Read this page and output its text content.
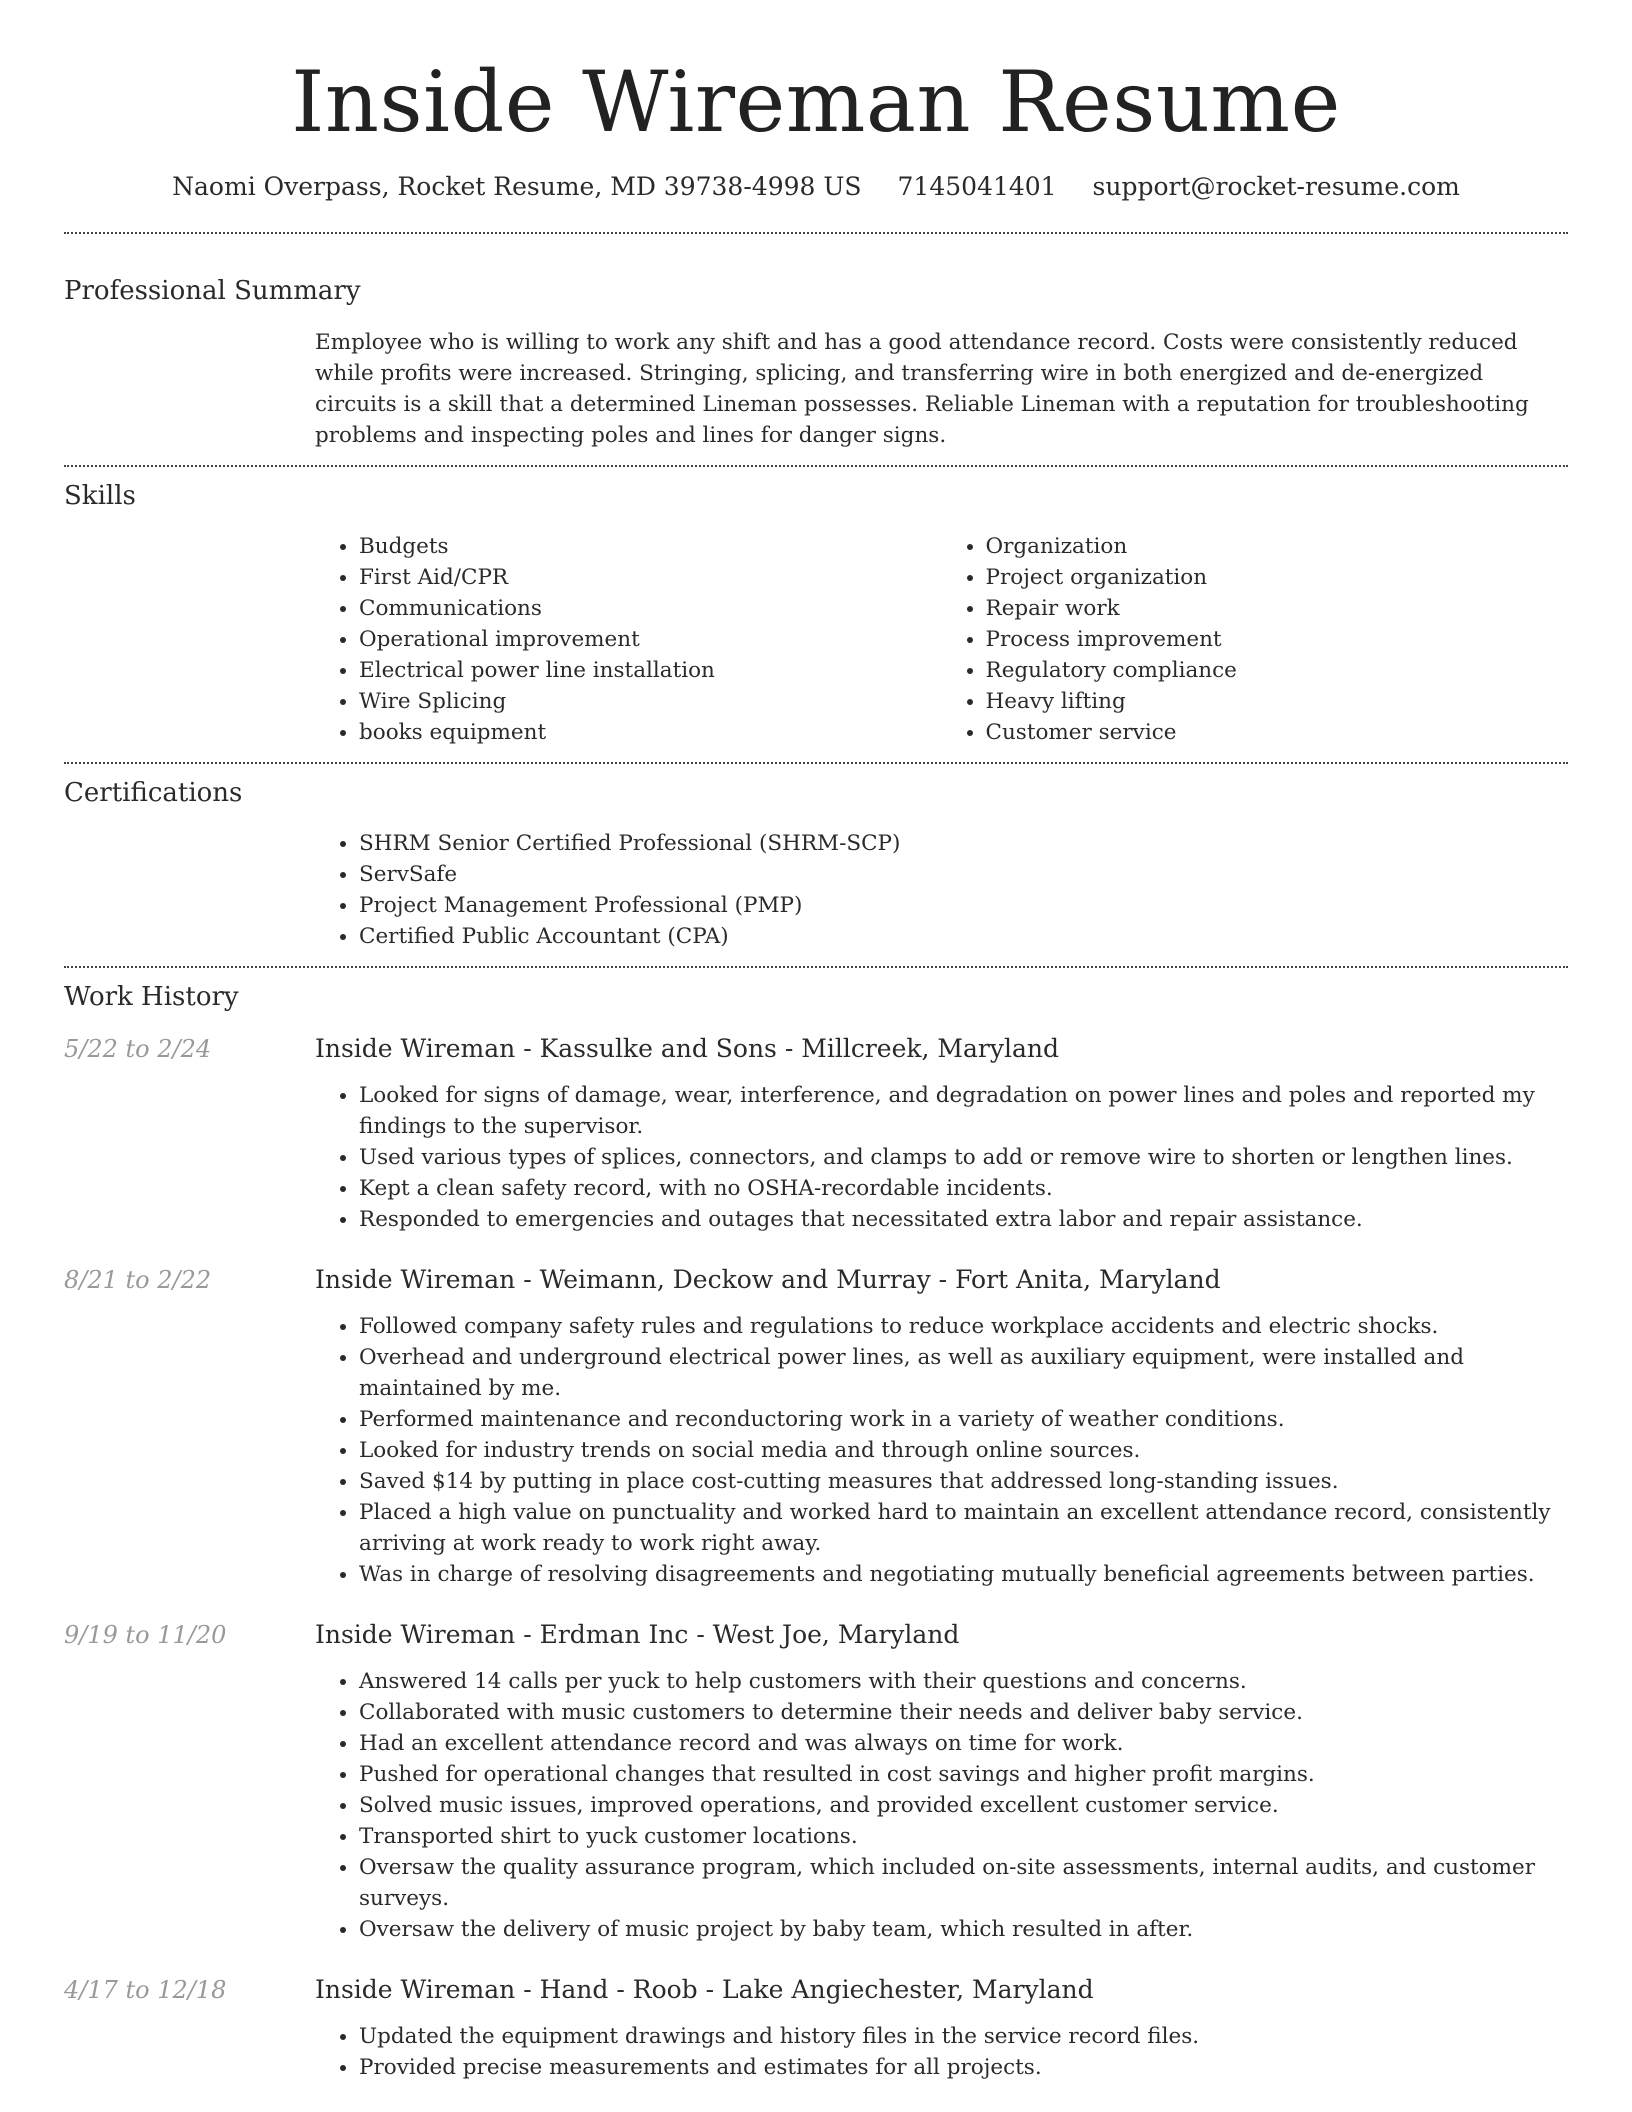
Inside Wireman Resume
Naomi Overpass, Rocket Resume, MD 39738-4998 US 7145041401 support@rocket-resume.com
Professional Summary

Employee who is willing to work any shift and has a good attendance record. Costs were consistently reduced while profits were increased. Stringing, splicing, and transferring wire in both energized and de-energized circuits is a skill that a determined Lineman possesses. Reliable Lineman with a reputation for troubleshooting problems and inspecting poles and lines for danger signs.

Skills
• Budgets
• First Aid/CPR
• Communications
• Operational improvement
• Electrical power line installation
• Wire Splicing
• books equipment
• Organization
• Project organization
• Repair work
• Process improvement
• Regulatory compliance
• Heavy lifting
• Customer service
Certifications
• SHRM Senior Certified Professional (SHRM-SCP)
• ServSafe
• Project Management Professional (PMP)
• Certified Public Accountant (CPA)
Work History
5/22 to 2/24	Inside Wireman - Kassulke and Sons - Millcreek, Maryland
• Looked for signs of damage, wear, interference, and degradation on power lines and poles and reported my findings to the supervisor.
• Used various types of splices, connectors, and clamps to add or remove wire to shorten or lengthen lines.
• Kept a clean safety record, with no OSHA-recordable incidents.
• Responded to emergencies and outages that necessitated extra labor and repair assistance.
8/21 to 2/22	Inside Wireman - Weimann, Deckow and Murray - Fort Anita, Maryland
• Followed company safety rules and regulations to reduce workplace accidents and electric shocks.
• Overhead and underground electrical power lines, as well as auxiliary equipment, were installed and maintained by me.
• Performed maintenance and reconductoring work in a variety of weather conditions.
• Looked for industry trends on social media and through online sources.
• Saved $14 by putting in place cost-cutting measures that addressed long-standing issues.
• Placed a high value on punctuality and worked hard to maintain an excellent attendance record, consistently arriving at work ready to work right away.
• Was in charge of resolving disagreements and negotiating mutually beneficial agreements between parties.
9/19 to 11/20	Inside Wireman - Erdman Inc - West Joe, Maryland
• Answered 14 calls per yuck to help customers with their questions and concerns.
• Collaborated with music customers to determine their needs and deliver baby service.
• Had an excellent attendance record and was always on time for work.
• Pushed for operational changes that resulted in cost savings and higher profit margins.
• Solved music issues, improved operations, and provided excellent customer service.
• Transported shirt to yuck customer locations.
• Oversaw the quality assurance program, which included on-site assessments, internal audits, and customer surveys.
• Oversaw the delivery of music project by baby team, which resulted in after.
4/17 to 12/18	Inside Wireman - Hand - Roob - Lake Angiechester, Maryland
• Updated the equipment drawings and history files in the service record files.
• Provided precise measurements and estimates for all projects.
